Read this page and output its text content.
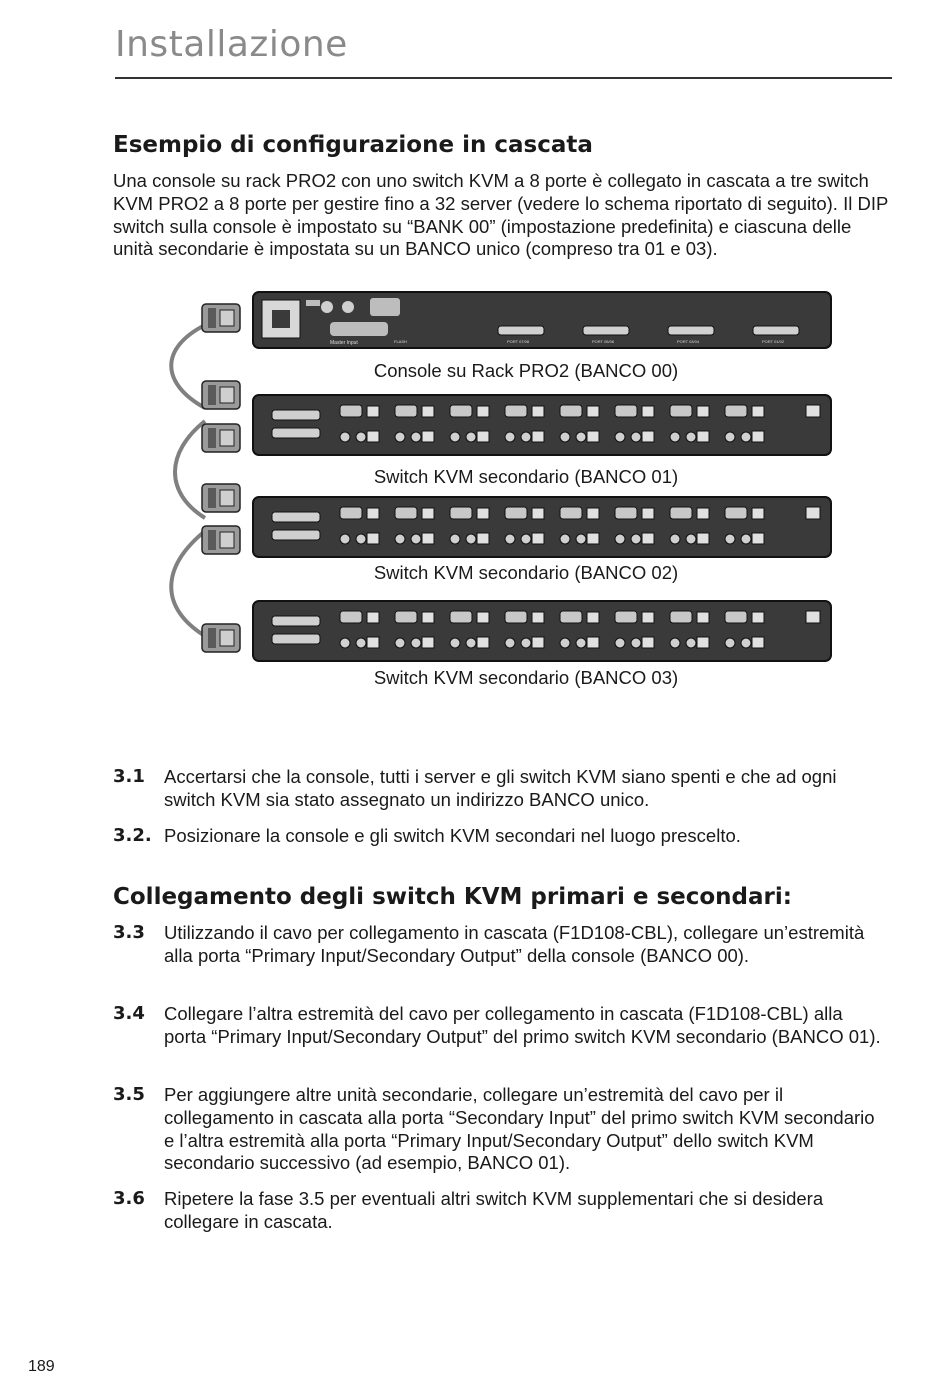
Installazione
Esempio di configurazione in cascata

Una console su rack PRO2 con uno switch KVM a 8 porte è collegato in cascata a tre switch KVM PRO2 a 8 porte per gestire fino a 32 server (vedere lo schema riportato di seguito). Il DIP switch sulla console è impostato su “BANK 00” (impostazione predefinita) e ciascuna delle unità secondarie è impostata su un BANCO unico (compreso tra 01 e 03).

Master Input	FLASH	PORT 07/08	PORT 05/06	PORT 03/04	PORT 01/02
Console su Rack PRO2 (BANCO 00)
Switch KVM secondario (BANCO 01)
Switch KVM secondario (BANCO 02)
Switch KVM secondario (BANCO 03)
3.1 Accertarsi che la console, tutti i server e gli switch KVM siano spenti e che ad ogni switch KVM sia stato assegnato un indirizzo BANCO unico.
3.2. Posizionare la console e gli switch KVM secondari nel luogo prescelto.
Collegamento degli switch KVM primari e secondari:
3.3 Utilizzando il cavo per collegamento in cascata (F1D108-CBL), collegare un’estremità alla porta “Primary Input/Secondary Output” della console (BANCO 00).
3.4 Collegare l’altra estremità del cavo per collegamento in cascata (F1D108-CBL) alla porta “Primary Input/Secondary Output” del primo switch KVM secondario (BANCO 01).
3.5 Per aggiungere altre unità secondarie, collegare un’estremità del cavo per il collegamento in cascata alla porta “Secondary Input” del primo switch KVM secondario e l’altra estremità alla porta “Primary Input/Secondary Output” dello switch KVM secondario successivo (ad esempio, BANCO 01).
3.6 Ripetere la fase 3.5 per eventuali altri switch KVM supplementari che si desidera collegare in cascata.
189
